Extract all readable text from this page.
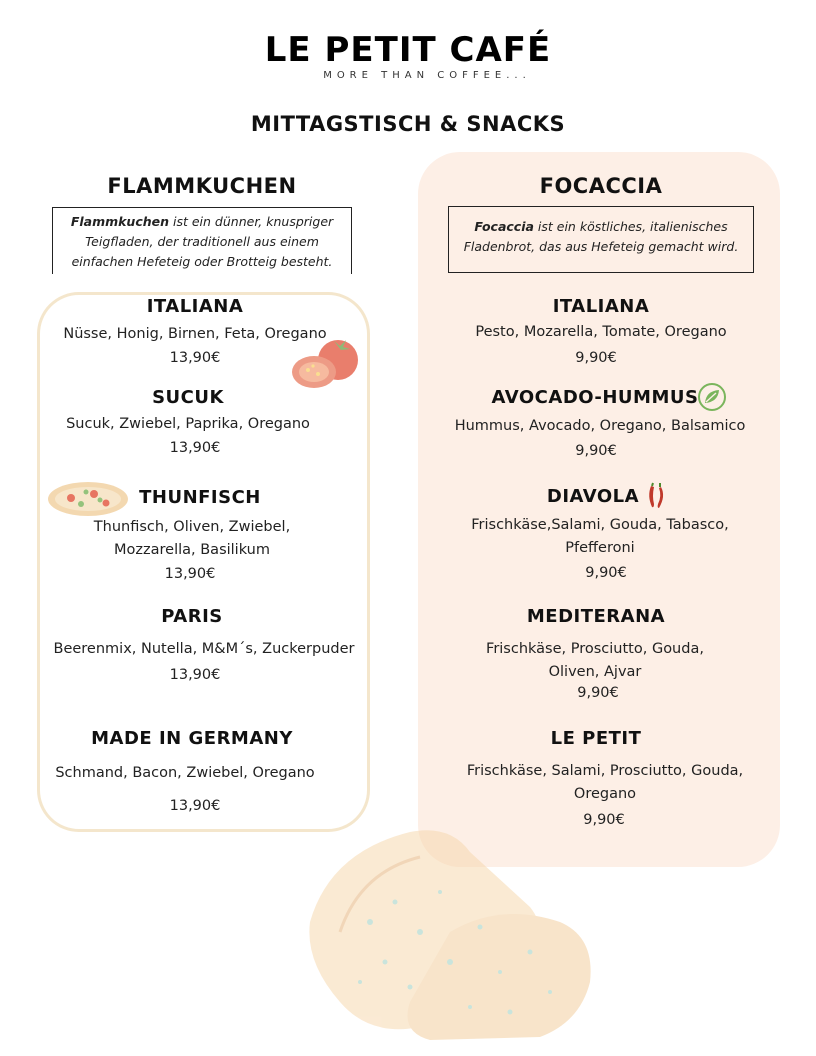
LE PETIT CAFÉ
MORE THAN COFFEE...
MITTAGSTISCH & SNACKS
FLAMMKUCHEN	FOCACCIA
Flammkuchen ist ein dünner, knuspriger Teigfladen, der traditionell aus einem einfachen Hefeteig oder Brotteig besteht.
Focaccia ist ein köstliches, italienisches Fladenbrot, das aus Hefeteig gemacht wird.
ITALIANA
Nüsse, Honig, Birnen, Feta, Oregano
13,90€
SUCUK
Sucuk, Zwiebel, Paprika, Oregano
13,90€
THUNFISCH
Thunfisch, Oliven, Zwiebel, Mozzarella, Basilikum
13,90€
PARIS
Beerenmix, Nutella, M&M´s, Zuckerpuder
13,90€
MADE IN GERMANY
Schmand, Bacon, Zwiebel, Oregano
13,90€
ITALIANA
Pesto, Mozarella, Tomate, Oregano
9,90€
AVOCADO-HUMMUS
Hummus, Avocado, Oregano, Balsamico
9,90€
DIAVOLA
Frischkäse,Salami, Gouda, Tabasco, Pfefferoni
9,90€
MEDITERANA
Frischkäse, Prosciutto, Gouda, Oliven, Ajvar
9,90€
LE PETIT
Frischkäse, Salami, Prosciutto, Gouda, Oregano
9,90€
